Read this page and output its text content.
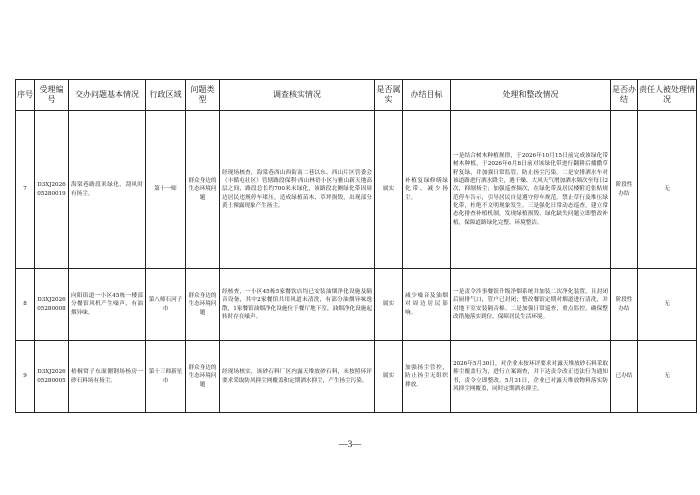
序号	受理编号	交办问题基本情况	行政区域	问题类型	调查核实情况	是否属实	办结目标	处理和整改情况	是否办结	责任人被处理情况
7	D3XJ202605280019	海棠巷路段米绿化，刮风时有扬尘。	第十一师	群众身边的生态环境问题	经现场核查，海棠巷西山西街南二巷以东、西山片区管委会（丰循屯社区）管辖路段保利·西山林语小区与雅山新天地高层之间，路段总长约700米未绿化，该路段北侧绿化带因周边居民违规停车堵压，造成绿植苗木、草坪损毁，出现部分黄土裸露现象产生扬尘。	属实	补植复绿修缮绿化带，减少扬尘。	一是结合树木种植规律，于2026年10月15日前完成该绿化带树木种植，于2026年6月8日前对该绿化带进行翻耕后播撒草籽复绿，并加强日常监管，防止扬尘污染。二是安排洒水车对该道路进行洒水降尘，遇干燥、大风天气增加洒水频次至每日2次，抑制扬尘；加强巡查频次，在绿化带及居民楼附近张贴规范停车告示，引导居民自觉遵守停车规范。禁止草行及堆压绿化带，杜绝不文明现象发生。三是强化日常动态巡查，建立常态化排查补植机制，发现绿植损毁、绿化缺失问题立即整改补植，保障道路绿化完整、环境整洁。	阶段性办结	无
8	D3XJ202605280008	向阳街道一小区45栋一楼部分餐馆风机产生噪声，有油烟异味。	第八师石河子市	群众身边的生态环境问题	经核查，一小区45栋5家餐饮店均已安装油烟净化设施及隔音设备，其中2家餐馆共用风道未清洗，有部分油烟异味逸散，1家餐馆油烟净化设施位于餐厅地下室，油烟净化设施起转时存在噪声。	属实	减少噪音及油烟对周边居民影响。	一是责令涉事餐馆升级净烟系统并加装二次净化装置，且封闭后厨排气口，管户已封闭；整改餐馆定期对烟道进行清洗，并对地下室安装隔音棉。二是加强日常巡查，重点监控，确保整改措施落实到位，保障居民生活环境。	阶段性办结	无
9	D3XJ202605280005	梧桐窝子东面側钢场杨房一砂石料场有扬尘。	第十三师新星市	群众身边的生态环境问题	经现场核实，该砂石料厂区内露天堆放砂石料，未按照环评要求采取防风抑尘网覆盖和定期洒水抑尘，产生扬尘污染。	属实	加强扬尘管控，防止扬尘无组织排放。	2026年5月30日，对企业未按环评要求对露天堆放砂石料采取抑尘覆盖行为，进行立案调查，并下达责令改正违法行为通知书，责令立即整改。5月31日，企业已对露天堆放物料落实防风抑尘网覆盖，同时定期洒水抑尘。	已办结	无
—3—
